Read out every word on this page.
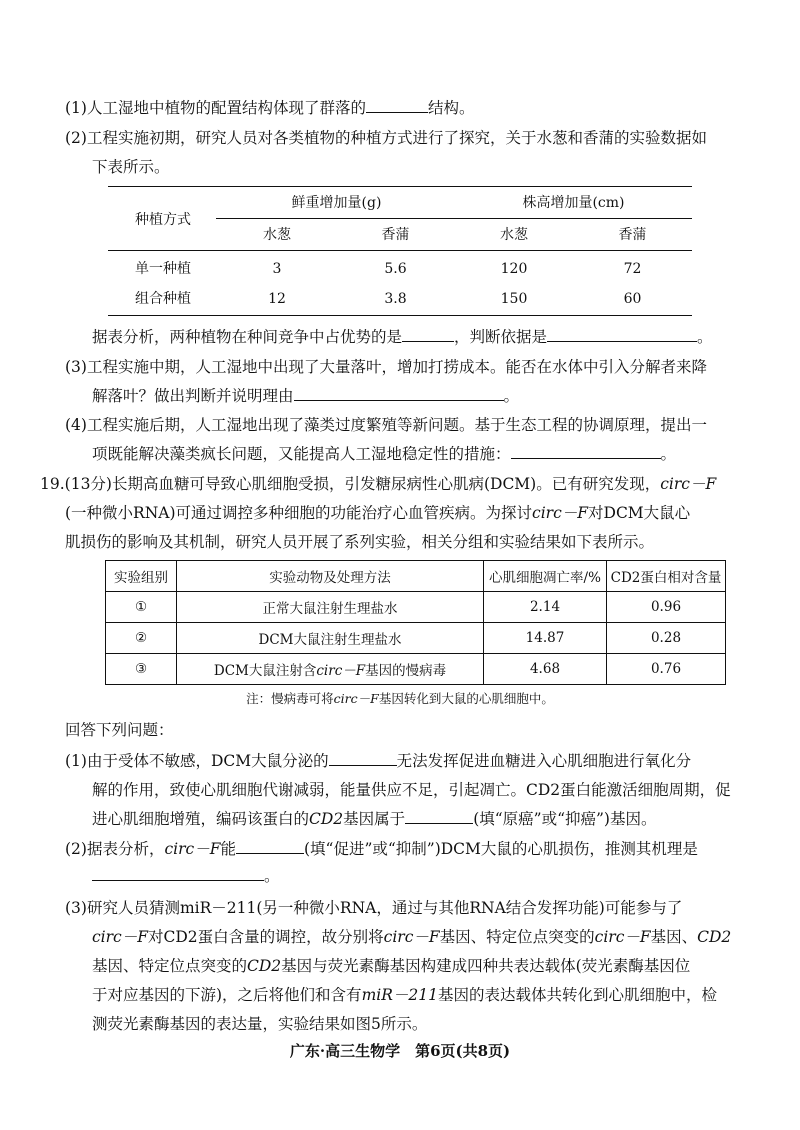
(1)人工湿地中植物的配置结构体现了群落的	结构。
(2)工程实施初期，研究人员对各类植物的种植方式进行了探究，关于水葱和香蒲的实验数据如
下表所示。
种植方式
鲜重增加量(g)	株高增加量(cm)
水葱	香蒲	水葱	香蒲
单一种植	3	5.6	120	72
组合种植	12	3.8	150	60
据表分析，两种植物在种间竞争中占优势的是	，判断依据是	。
(3)工程实施中期，人工湿地中出现了大量落叶，增加打捞成本。能否在水体中引入分解者来降
解落叶？做出判断并说明理由	。
(4)工程实施后期，人工湿地出现了藻类过度繁殖等新问题。基于生态工程的协调原理，提出一
项既能解决藻类疯长问题，又能提高人工湿地稳定性的措施：	。
19.(13分)长期高血糖可导致心肌细胞受损，引发糖尿病性心肌病(DCM)。已有研究发现，circ－F
(一种微小RNA)可通过调控多种细胞的功能治疗心血管疾病。为探讨circ－F对DCM大鼠心
肌损伤的影响及其机制，研究人员开展了系列实验，相关分组和实验结果如下表所示。
实验组别	实验动物及处理方法	心肌细胞凋亡率/%	CD2蛋白相对含量
①	正常大鼠注射生理盐水	2.14	0.96
②	DCM大鼠注射生理盐水	14.87	0.28
③	DCM大鼠注射含circ－F基因的慢病毒	4.68	0.76
注：慢病毒可将circ－F基因转化到大鼠的心肌细胞中。
回答下列问题：
(1)由于受体不敏感，DCM大鼠分泌的	无法发挥促进血糖进入心肌细胞进行氧化分
解的作用，致使心肌细胞代谢减弱，能量供应不足，引起凋亡。CD2蛋白能激活细胞周期，促
进心肌细胞增殖，编码该蛋白的CD2基因属于	(填“原癌”或“抑癌”)基因。
(2)据表分析，circ－F能	(填“促进”或“抑制”)DCM大鼠的心肌损伤，推测其机理是
。
(3)研究人员猜测miR－211(另一种微小RNA，通过与其他RNA结合发挥功能)可能参与了
circ－F对CD2蛋白含量的调控，故分别将circ－F基因、特定位点突变的circ－F基因、CD2
基因、特定位点突变的CD2基因与荧光素酶基因构建成四种共表达载体(荧光素酶基因位
于对应基因的下游)，之后将他们和含有miR－211基因的表达载体共转化到心肌细胞中，检
测荧光素酶基因的表达量，实验结果如图5所示。
广东·高三生物学　第6页(共8页)
